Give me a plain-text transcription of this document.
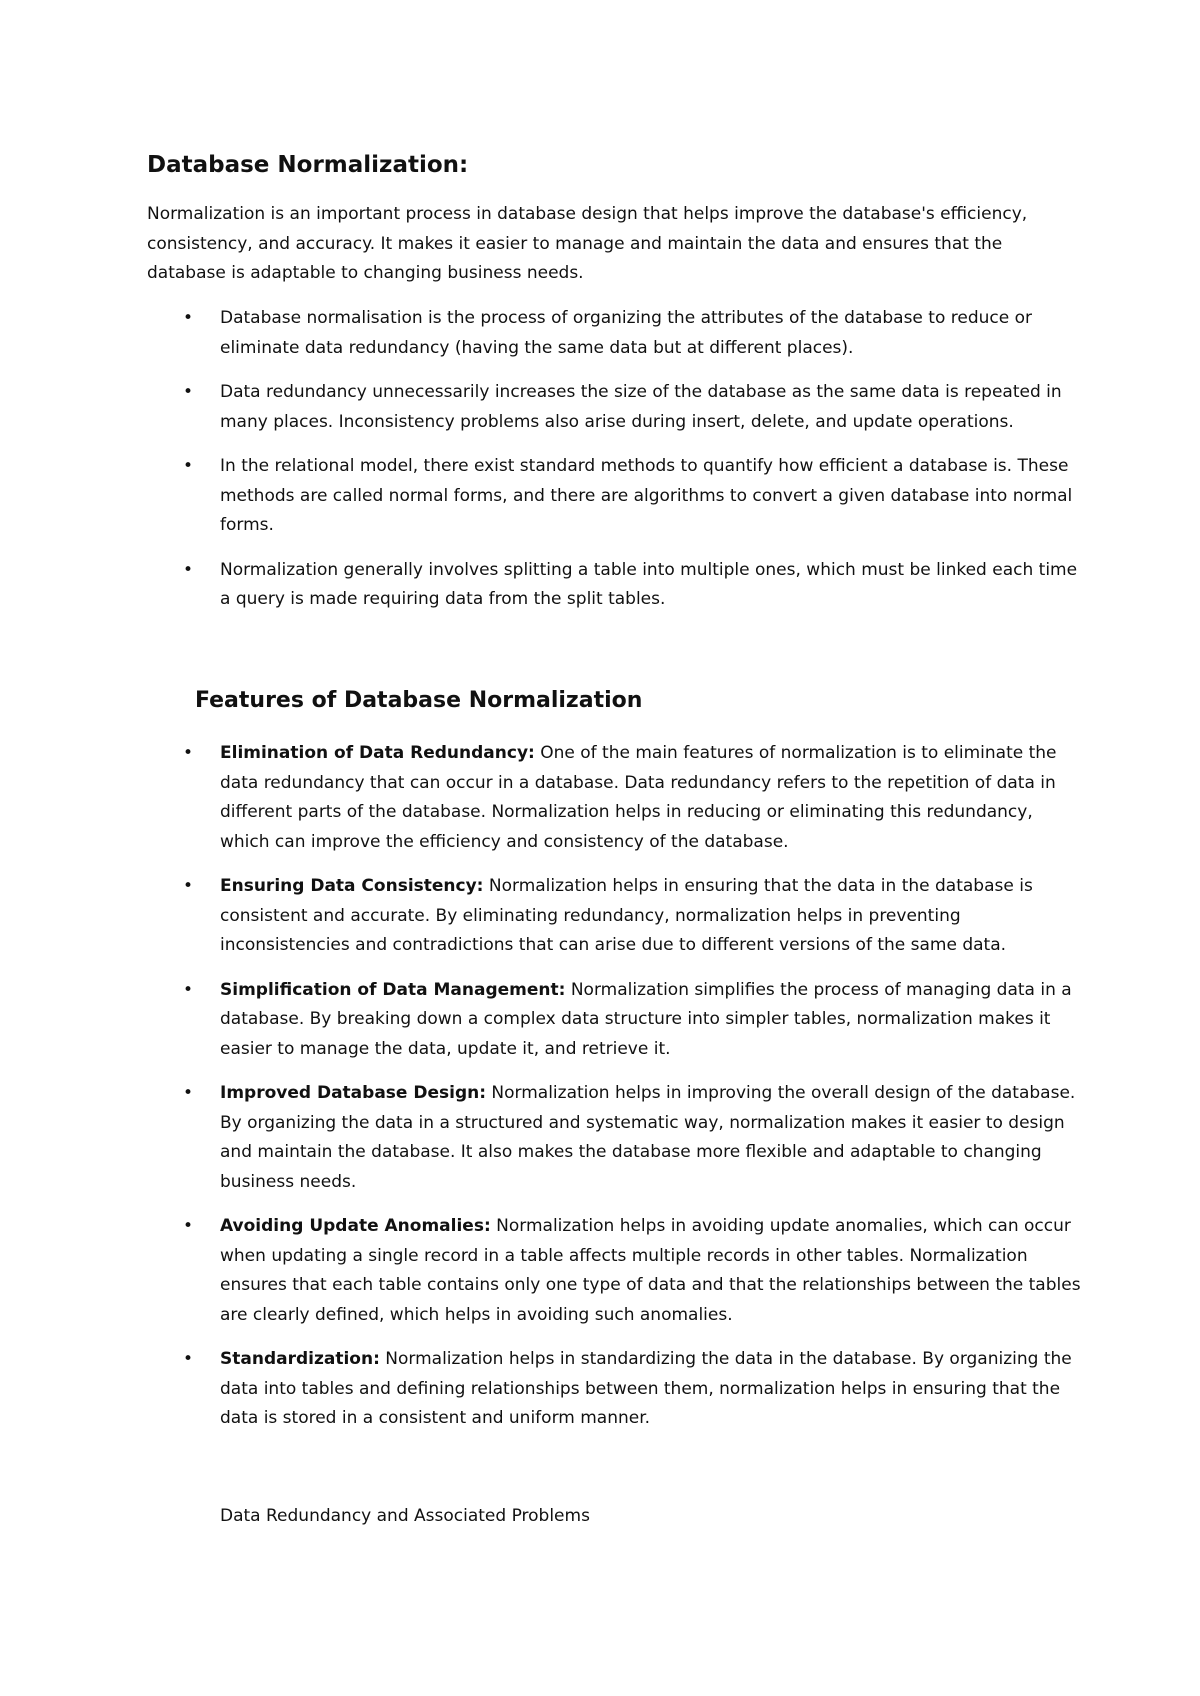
Database Normalization:

Normalization is an important process in database design that helps improve the database's efficiency, consistency, and accuracy. It makes it easier to manage and maintain the data and ensures that the database is adaptable to changing business needs.

• Database normalisation is the process of organizing the attributes of the database to reduce or eliminate data redundancy (having the same data but at different places).
• Data redundancy unnecessarily increases the size of the database as the same data is repeated in many places. Inconsistency problems also arise during insert, delete, and update operations.
• In the relational model, there exist standard methods to quantify how efficient a database is. These methods are called normal forms, and there are algorithms to convert a given database into normal forms.
• Normalization generally involves splitting a table into multiple ones, which must be linked each time a query is made requiring data from the split tables.
Features of Database Normalization
• Elimination of Data Redundancy: One of the main features of normalization is to eliminate the data redundancy that can occur in a database. Data redundancy refers to the repetition of data in different parts of the database. Normalization helps in reducing or eliminating this redundancy, which can improve the efficiency and consistency of the database.
• Ensuring Data Consistency: Normalization helps in ensuring that the data in the database is consistent and accurate. By eliminating redundancy, normalization helps in preventing inconsistencies and contradictions that can arise due to different versions of the same data.
• Simplification of Data Management: Normalization simplifies the process of managing data in a database. By breaking down a complex data structure into simpler tables, normalization makes it easier to manage the data, update it, and retrieve it.
• Improved Database Design: Normalization helps in improving the overall design of the database. By organizing the data in a structured and systematic way, normalization makes it easier to design and maintain the database. It also makes the database more flexible and adaptable to changing business needs.
• Avoiding Update Anomalies: Normalization helps in avoiding update anomalies, which can occur when updating a single record in a table affects multiple records in other tables. Normalization ensures that each table contains only one type of data and that the relationships between the tables are clearly defined, which helps in avoiding such anomalies.
• Standardization: Normalization helps in standardizing the data in the database. By organizing the data into tables and defining relationships between them, normalization helps in ensuring that the data is stored in a consistent and uniform manner.

Data Redundancy and Associated Problems
